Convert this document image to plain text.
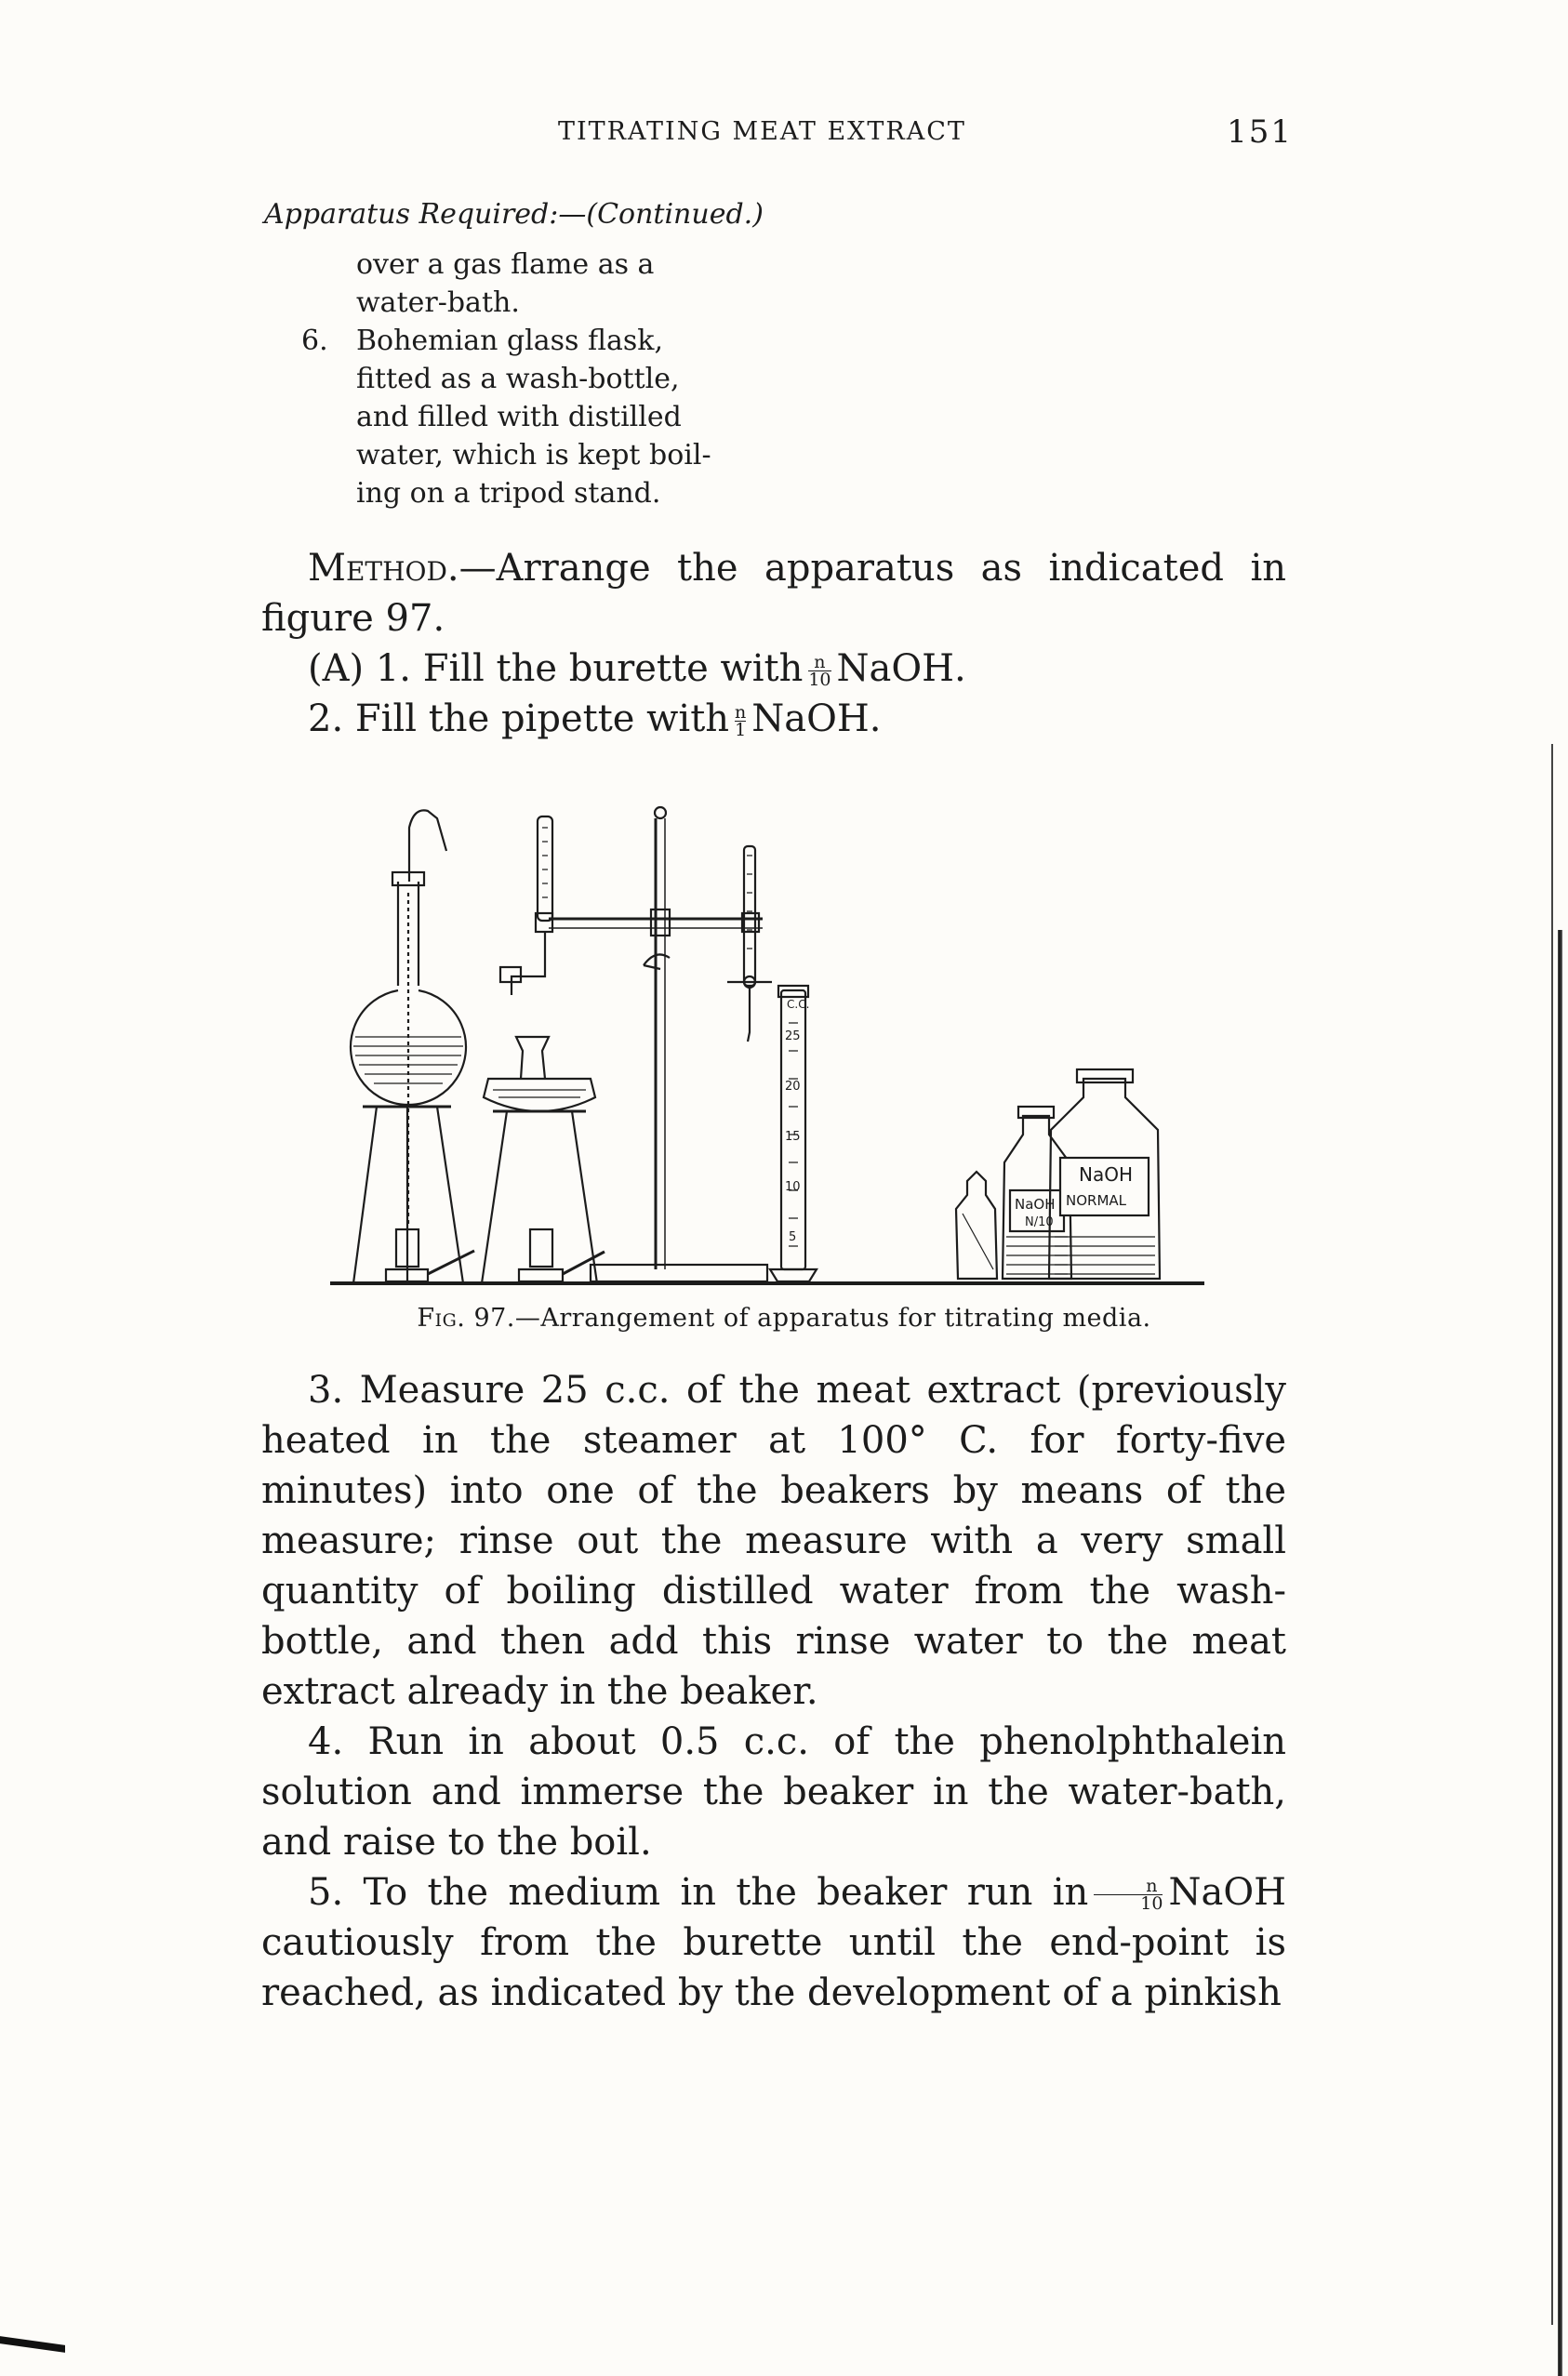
TITRATING MEAT EXTRACT	151
Apparatus Required:—(Continued.)
over a gas flame as a
water-bath.
6. Bohemian glass flask,
fitted as a wash-bottle,
and filled with distilled
water, which is kept boil-
ing on a tripod stand.

Method.—Arrange the apparatus as indicated in figure 97.

(A) 1. Fill the burette with $\frac{n}{10}$ NaOH.
2. Fill the pipette with $\frac{n}{1}$ NaOH.
C.C.
25
20
15
10
5
NaOH
N/10
NaOH
NORMAL
Fig. 97.—Arrangement of apparatus for titrating media.

3. Measure 25 c.c. of the meat extract (previously heated in the steamer at 100° C. for forty-five minutes) into one of the beakers by means of the measure; rinse out the measure with a very small quantity of boiling distilled water from the wash-bottle, and then add this rinse water to the meat extract already in the beaker.

4. Run in about 0.5 c.c. of the phenolphthalein solution and immerse the beaker in the water-bath, and raise to the boil.

5. To the medium in the beaker run in $\frac{n}{10}$ NaOH cautiously from the burette until the end-point is reached, as indicated by the development of a pinkish
